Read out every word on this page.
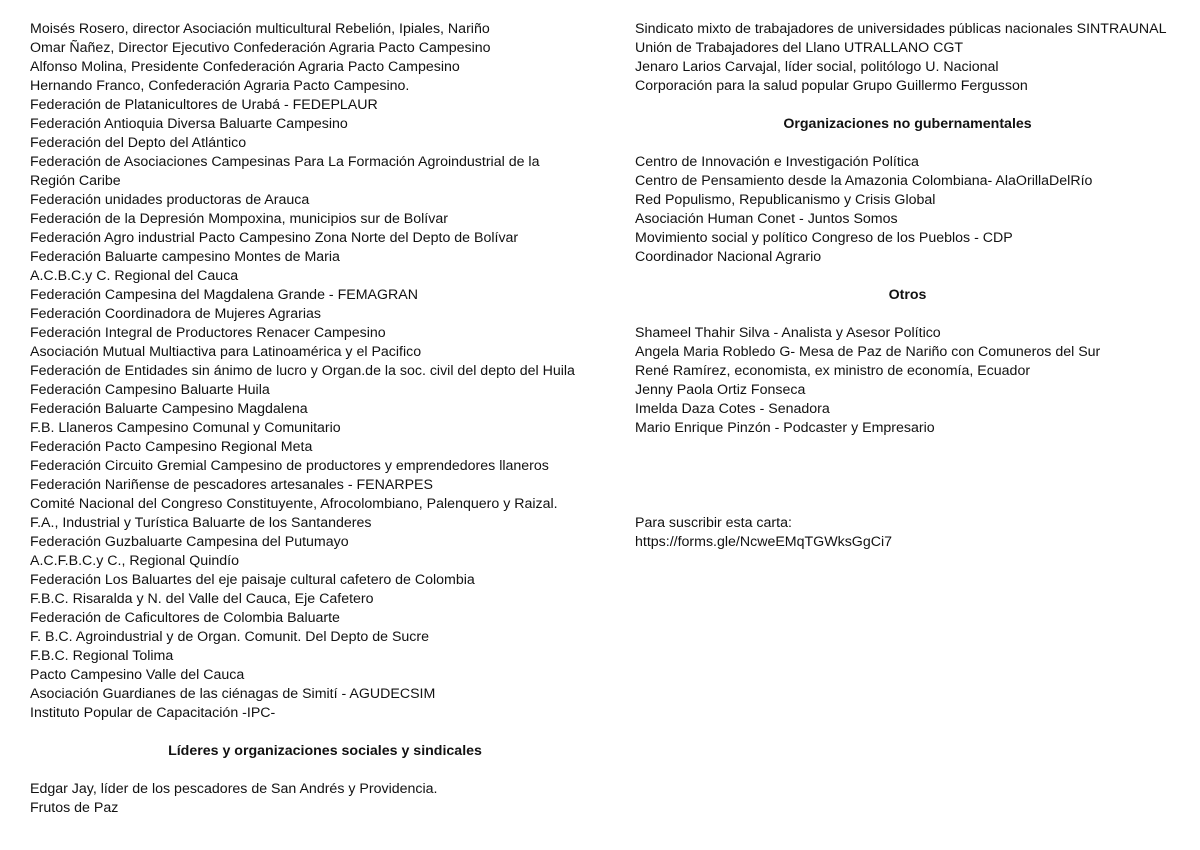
Moisés Rosero, director Asociación multicultural Rebelión, Ipiales, Nariño
Omar Ñañez, Director Ejecutivo Confederación Agraria Pacto Campesino
Alfonso Molina, Presidente Confederación Agraria Pacto Campesino
Hernando Franco, Confederación Agraria Pacto Campesino.
Federación de Platanicultores de Urabá - FEDEPLAUR
Federación Antioquia Diversa Baluarte Campesino
Federación del Depto del Atlántico
Federación de Asociaciones Campesinas Para La Formación Agroindustrial de la Región Caribe
Federación unidades productoras de Arauca
Federación de la Depresión Mompoxina, municipios sur de Bolívar
Federación Agro industrial Pacto Campesino Zona Norte del Depto de Bolívar
Federación Baluarte campesino Montes de Maria
A.C.B.C.y C. Regional del Cauca
Federación Campesina del Magdalena Grande - FEMAGRAN
Federación Coordinadora de Mujeres Agrarias
Federación Integral de Productores Renacer Campesino
Asociación Mutual Multiactiva para Latinoamérica y el Pacifico
Federación de Entidades sin ánimo de lucro y Organ.de la soc. civil del depto del Huila
Federación Campesino Baluarte Huila
Federación Baluarte Campesino Magdalena
F.B. Llaneros Campesino Comunal y Comunitario
Federación Pacto Campesino Regional Meta
Federación Circuito Gremial Campesino de productores y emprendedores llaneros
Federación Nariñense de pescadores artesanales - FENARPES
Comité Nacional del Congreso Constituyente, Afrocolombiano, Palenquero y Raizal.
F.A., Industrial y Turística Baluarte de los Santanderes
Federación Guzbaluarte Campesina del Putumayo
A.C.F.B.C.y C., Regional Quindío
Federación Los Baluartes del eje paisaje cultural cafetero de Colombia
F.B.C. Risaralda y N. del Valle del Cauca, Eje Cafetero
Federación de Caficultores de Colombia Baluarte
F. B.C. Agroindustrial y de Organ. Comunit. Del Depto de Sucre
F.B.C. Regional Tolima
Pacto Campesino Valle del Cauca
Asociación Guardianes de las ciénagas de Simití - AGUDECSIM
Instituto Popular de Capacitación -IPC-
Líderes y organizaciones sociales y sindicales
Edgar Jay, líder de los pescadores de San Andrés y Providencia.
Frutos de Paz
Sindicato mixto de trabajadores de universidades públicas nacionales SINTRAUNAL
Unión de Trabajadores del Llano UTRALLANO CGT
Jenaro Larios Carvajal, líder social, politólogo U. Nacional
Corporación para la salud popular Grupo Guillermo Fergusson
Organizaciones no gubernamentales
Centro de Innovación e Investigación Política
Centro de Pensamiento desde la Amazonia Colombiana- AlaOrillaDelRío
Red Populismo, Republicanismo y Crisis Global
Asociación Human Conet - Juntos Somos
Movimiento social y político Congreso de los Pueblos - CDP
Coordinador Nacional Agrario
Otros
Shameel Thahir Silva - Analista y Asesor Político
Angela Maria Robledo G- Mesa de Paz de Nariño con Comuneros del Sur
René Ramírez, economista, ex ministro de economía, Ecuador
Jenny Paola Ortiz Fonseca
Imelda Daza Cotes - Senadora
Mario Enrique Pinzón - Podcaster y Empresario
Para suscribir esta carta:
https://forms.gle/NcweEMqTGWksGgCi7
